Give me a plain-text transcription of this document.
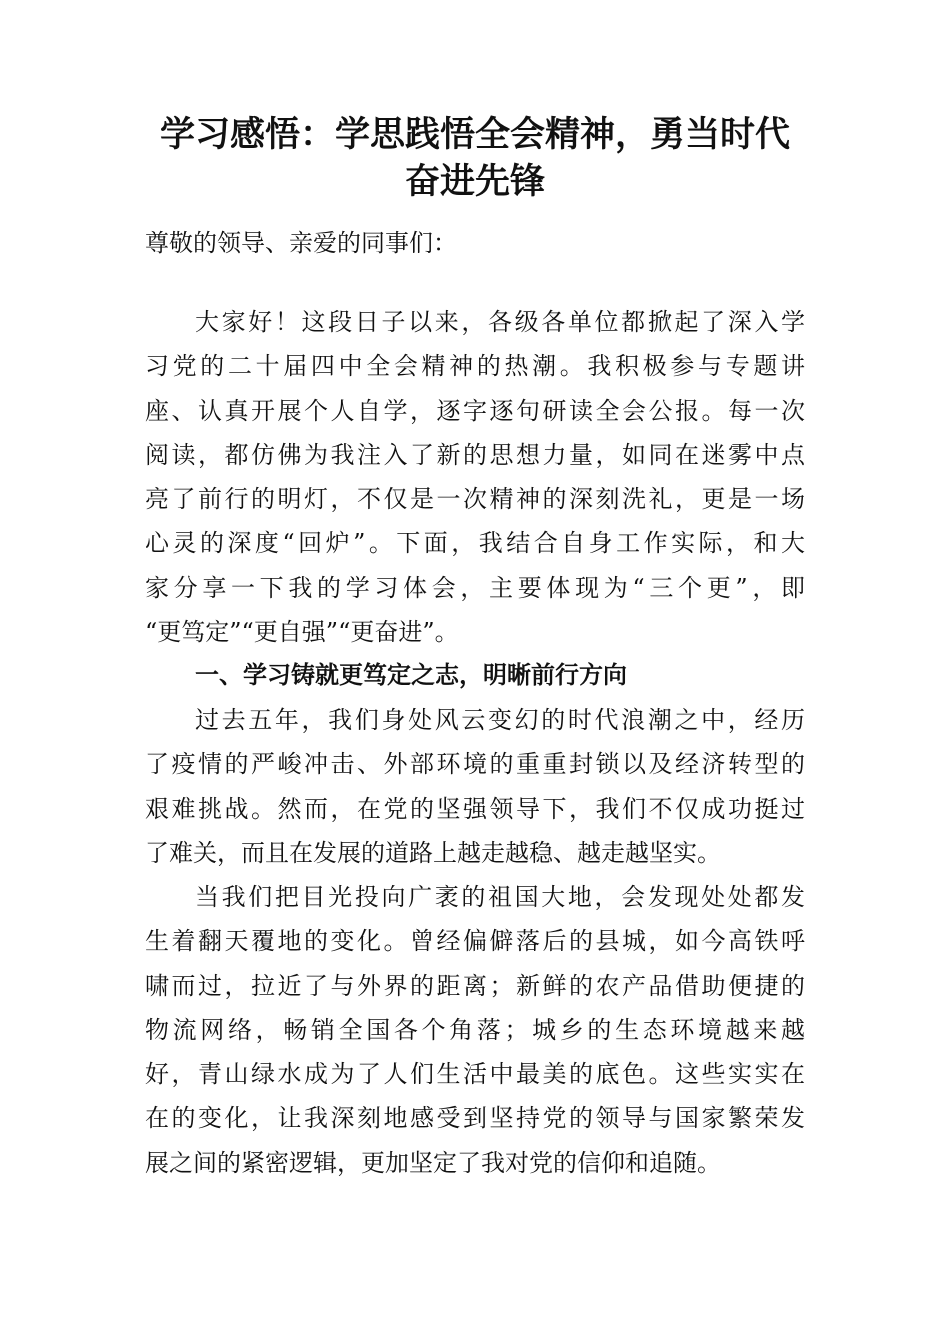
学习感悟：学思践悟全会精神，勇当时代
奋进先锋
尊敬的领导、亲爱的同事们：
大家好！这段日子以来，各级各单位都掀起了深入学
习党的二十届四中全会精神的热潮。我积极参与专题讲
座、认真开展个人自学，逐字逐句研读全会公报。每一次
阅读，都仿佛为我注入了新的思想力量，如同在迷雾中点
亮了前行的明灯，不仅是一次精神的深刻洗礼，更是一场
心灵的深度“回炉”。下面，我结合自身工作实际，和大
家分享一下我的学习体会，主要体现为“三个更”，即
“更笃定”“更自强”“更奋进”。
一、学习铸就更笃定之志，明晰前行方向
过去五年，我们身处风云变幻的时代浪潮之中，经历
了疫情的严峻冲击、外部环境的重重封锁以及经济转型的
艰难挑战。然而，在党的坚强领导下，我们不仅成功挺过
了难关，而且在发展的道路上越走越稳、越走越坚实。
当我们把目光投向广袤的祖国大地，会发现处处都发
生着翻天覆地的变化。曾经偏僻落后的县城，如今高铁呼
啸而过，拉近了与外界的距离；新鲜的农产品借助便捷的
物流网络，畅销全国各个角落；城乡的生态环境越来越
好，青山绿水成为了人们生活中最美的底色。这些实实在
在的变化，让我深刻地感受到坚持党的领导与国家繁荣发
展之间的紧密逻辑，更加坚定了我对党的信仰和追随。
